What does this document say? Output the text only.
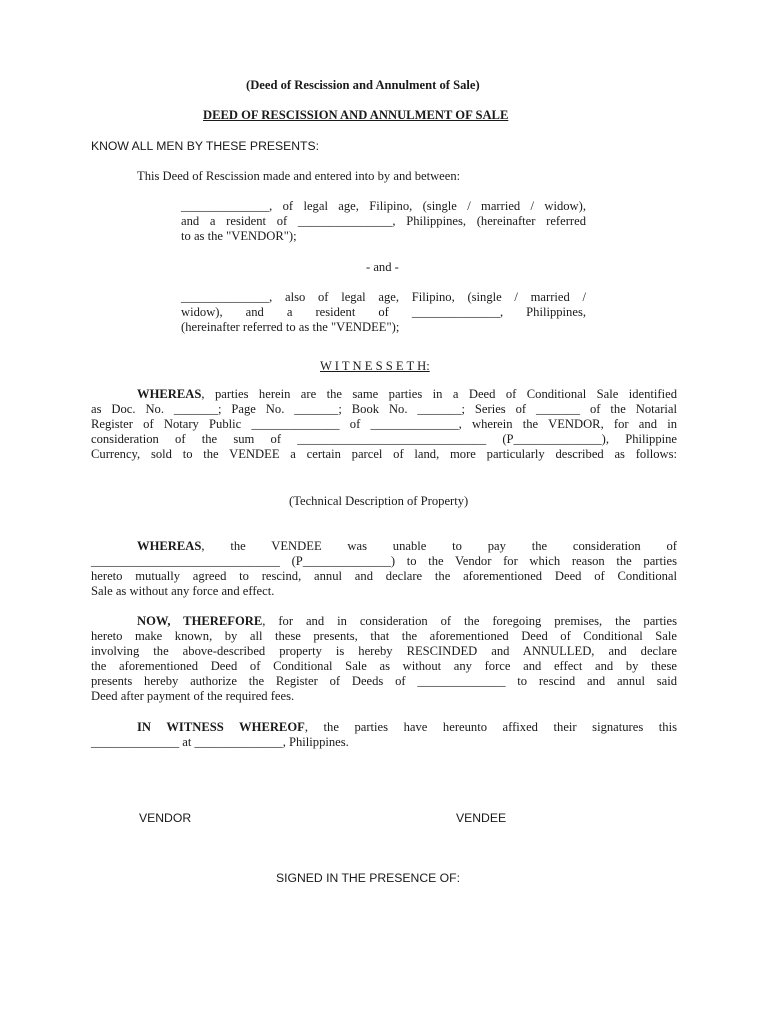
(Deed of Rescission and Annulment of Sale)
DEED OF RESCISSION AND ANNULMENT OF SALE
KNOW ALL MEN BY THESE PRESENTS:
This Deed of Rescission made and entered into by and between:
______________, of legal age, Filipino, (single / married / widow),
and a resident of _______________, Philippines, (hereinafter referred
to as the "VENDOR");
- and -
______________, also of legal age, Filipino, (single / married /
widow), and a resident of ______________, Philippines,
(hereinafter referred to as the "VENDEE");
W I T N E S S E T H:
WHEREAS, parties herein are the same parties in a Deed of Conditional Sale identified
as Doc. No. _______; Page No. _______; Book No. _______; Series of _______ of the Notarial
Register of Notary Public ______________ of ______________, wherein the VENDOR, for and in
consideration of the sum of ______________________________ (P______________), Philippine
Currency, sold to the VENDEE a certain parcel of land, more particularly described as follows:
(Technical Description of Property)
WHEREAS, the VENDEE was unable to pay the consideration of
______________________________ (P______________) to the Vendor for which reason the parties
hereto mutually agreed to rescind, annul and declare the aforementioned Deed of Conditional
Sale as without any force and effect.
NOW, THEREFORE, for and in consideration of the foregoing premises, the parties
hereto make known, by all these presents, that the aforementioned Deed of Conditional Sale
involving the above-described property is hereby RESCINDED and ANNULLED, and declare
the aforementioned Deed of Conditional Sale as without any force and effect and by these
presents hereby authorize the Register of Deeds of ______________ to rescind and annul said
Deed after payment of the required fees.
IN WITNESS WHEREOF, the parties have hereunto affixed their signatures this
______________ at ______________, Philippines.
VENDOR	VENDEE
SIGNED IN THE PRESENCE OF:
